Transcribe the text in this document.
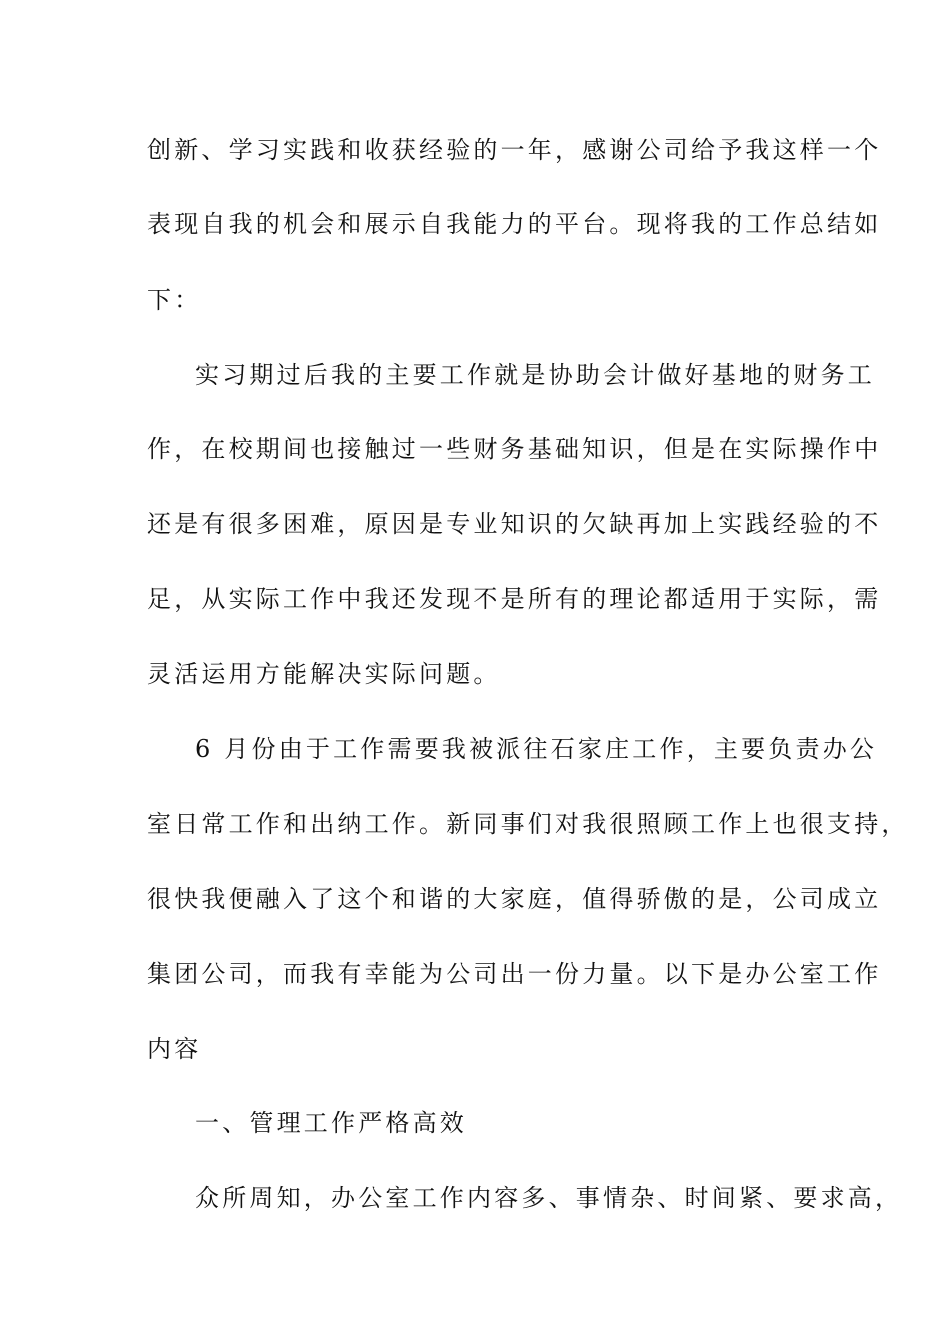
创新、学习实践和收获经验的一年，感谢公司给予我这样一个
表现自我的机会和展示自我能力的平台。现将我的工作总结如
下：
实习期过后我的主要工作就是协助会计做好基地的财务工
作，在校期间也接触过一些财务基础知识，但是在实际操作中
还是有很多困难，原因是专业知识的欠缺再加上实践经验的不
足，从实际工作中我还发现不是所有的理论都适用于实际，需
灵活运用方能解决实际问题。
6 月份由于工作需要我被派往石家庄工作，主要负责办公
室日常工作和出纳工作。新同事们对我很照顾工作上也很支持，
很快我便融入了这个和谐的大家庭，值得骄傲的是，公司成立
集团公司，而我有幸能为公司出一份力量。以下是办公室工作
内容
一、管理工作严格高效
众所周知，办公室工作内容多、事情杂、时间紧、要求高，
